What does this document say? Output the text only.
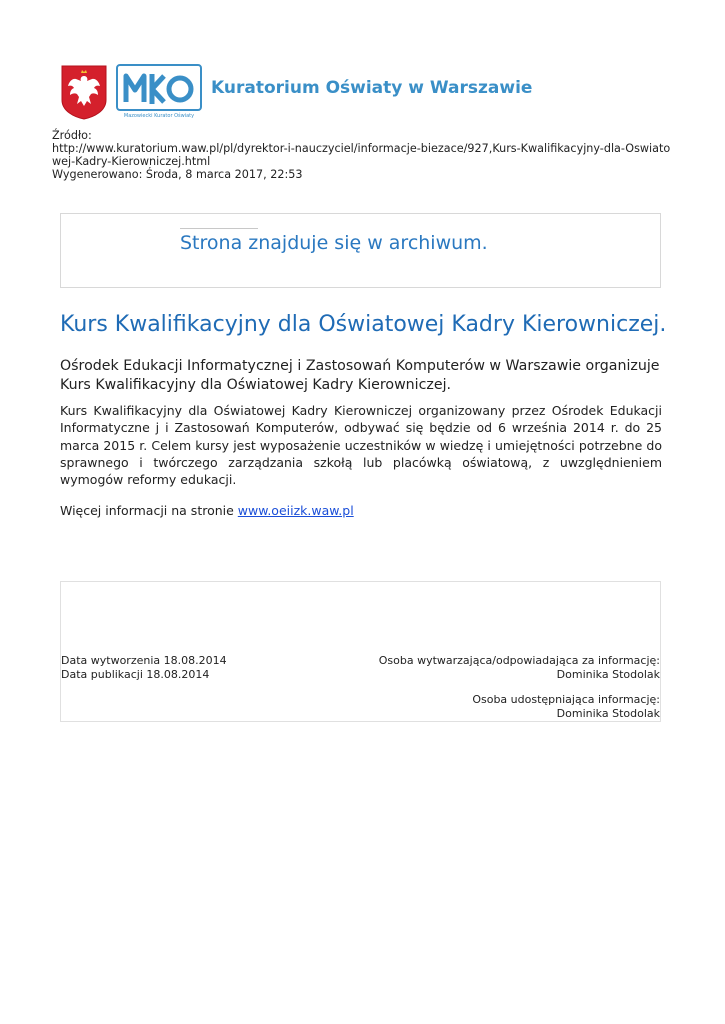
Mazowiecki Kurator Oświaty
Kuratorium Oświaty w Warszawie
Źródło:
http://www.kuratorium.waw.pl/pl/dyrektor-i-nauczyciel/informacje-biezace/927,Kurs-Kwalifikacyjny-dla-Oswiatowej-Kadry-Kierowniczej.html
Wygenerowano: Środa, 8 marca 2017, 22:53
Strona znajduje się w archiwum.
Kurs Kwalifikacyjny dla Oświatowej Kadry Kierowniczej.
Ośrodek Edukacji Informatycznej i Zastosowań Komputerów w Warszawie organizuje Kurs Kwalifikacyjny dla Oświatowej Kadry Kierowniczej.
Kurs Kwalifikacyjny dla Oświatowej Kadry Kierowniczej organizowany przez Ośrodek Edukacji Informatyczne j i Zastosowań Komputerów, odbywać się będzie od 6 września 2014 r. do 25 marca 2015 r. Celem kursy jest wyposażenie uczestników w wiedzę i umiejętności potrzebne do sprawnego i twórczego zarządzania szkołą lub placówką oświatową, z uwzględnieniem wymogów reformy edukacji.
Więcej informacji na stronie www.oeiizk.waw.pl
Data wytworzenia 18.08.2014
Data publikacji 18.08.2014
Osoba wytwarzająca/odpowiadająca za informację:
Dominika Stodolak
Osoba udostępniająca informację:
Dominika Stodolak
